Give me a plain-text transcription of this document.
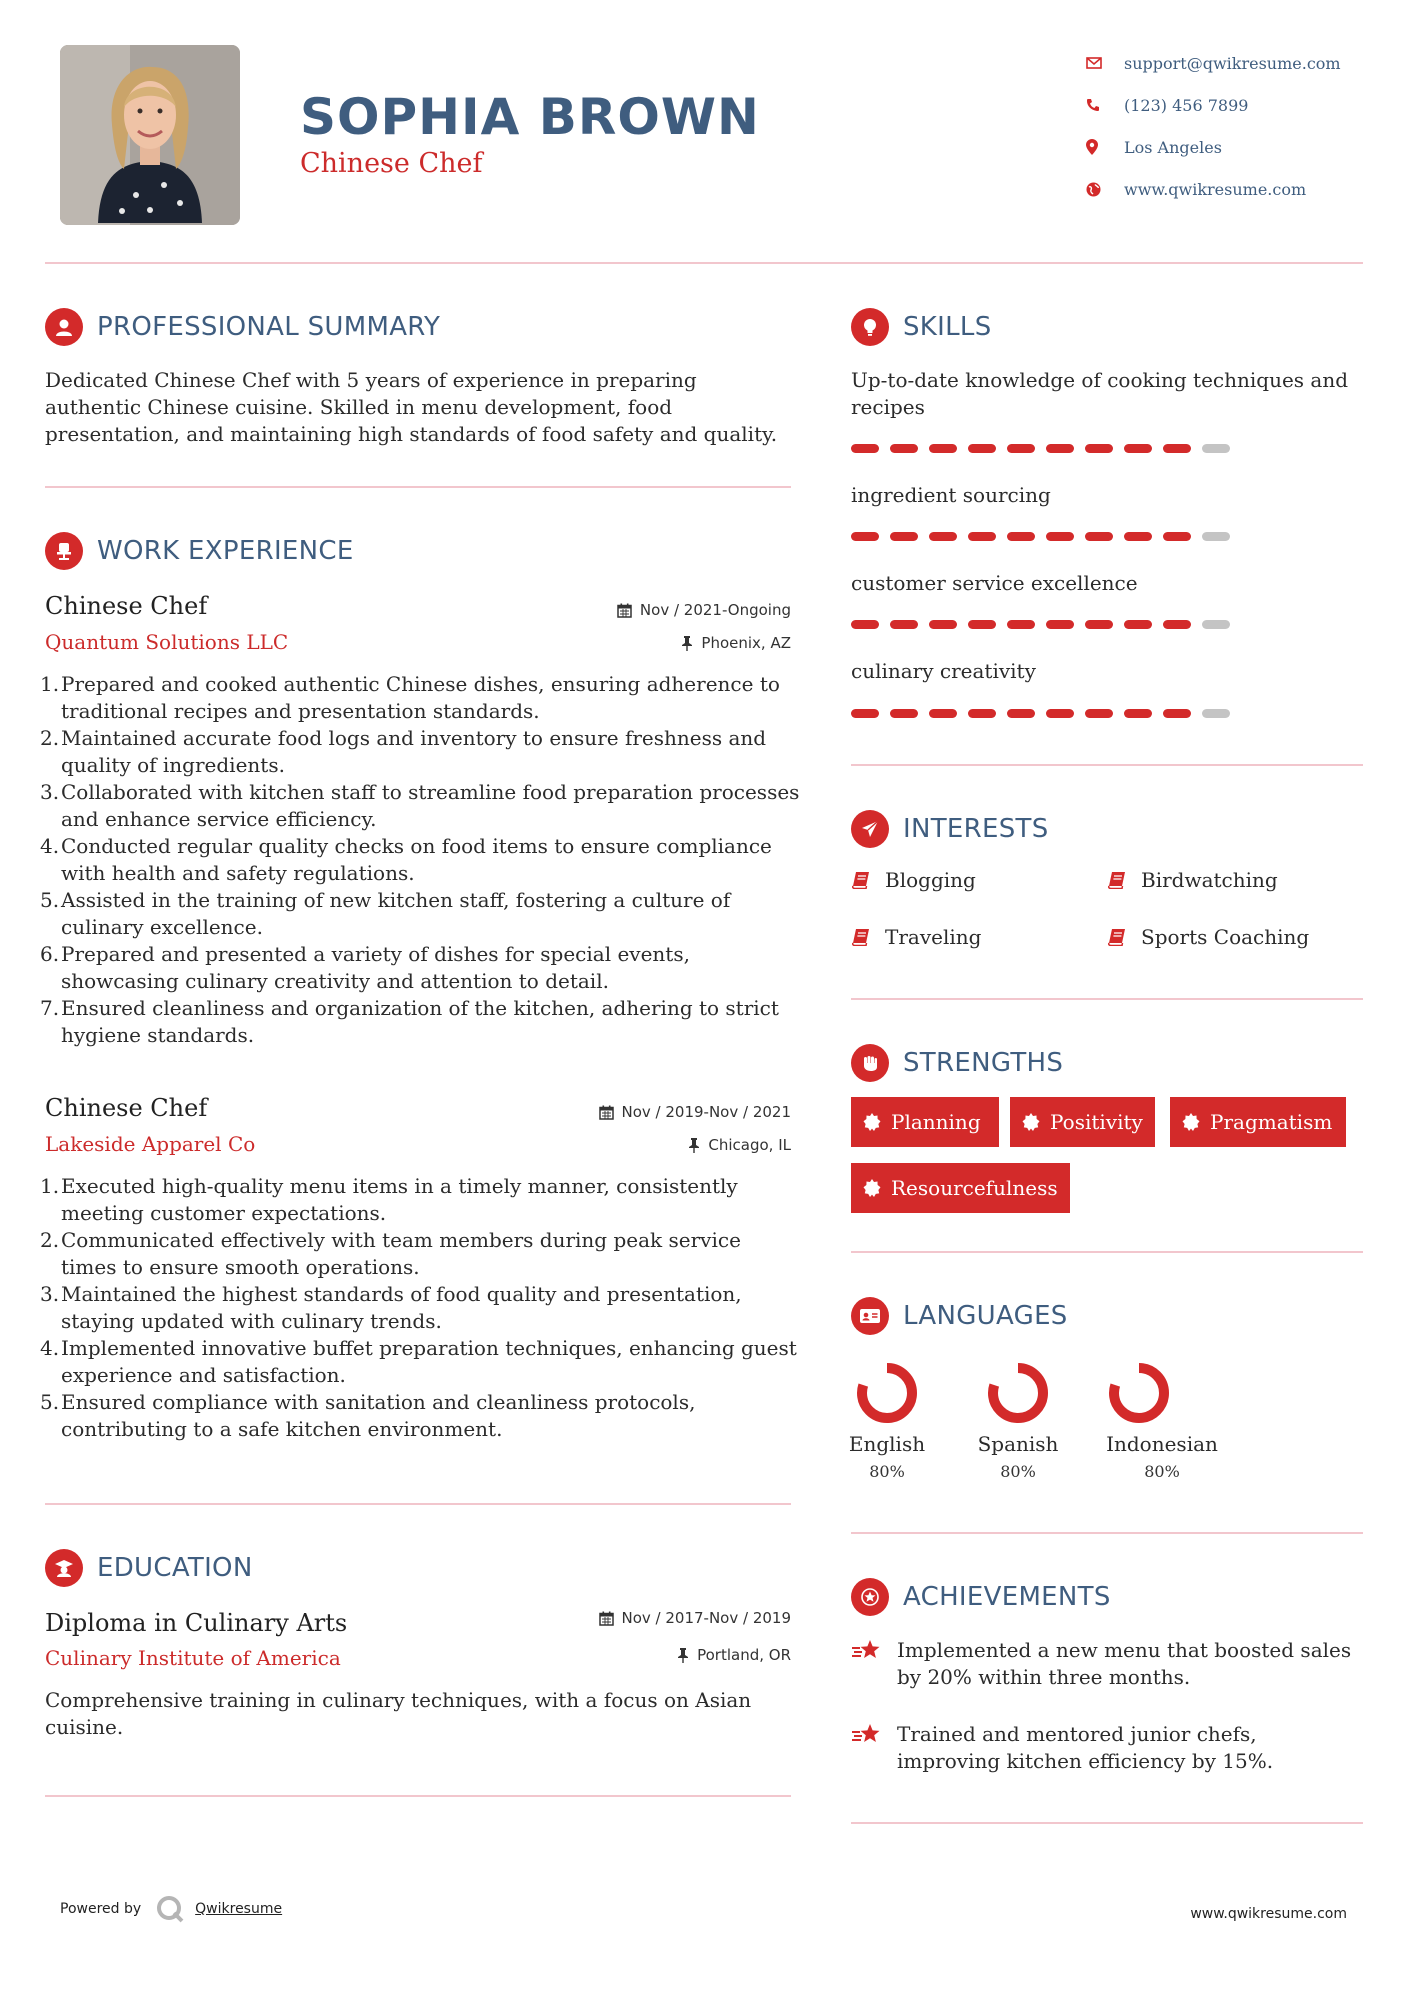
SOPHIA BROWN
Chinese Chef
support@qwikresume.com
(123) 456 7899
Los Angeles
www.qwikresume.com
PROFESSIONAL SUMMARY
Dedicated Chinese Chef with 5 years of experience in preparing authentic Chinese cuisine. Skilled in menu development, food presentation, and maintaining high standards of food safety and quality.
WORK EXPERIENCE
Chinese Chef	Nov / 2021-Ongoing
Quantum Solutions LLC	Phoenix, AZ
1. Prepared and cooked authentic Chinese dishes, ensuring adherence to traditional recipes and presentation standards.
2. Maintained accurate food logs and inventory to ensure freshness and quality of ingredients.
3. Collaborated with kitchen staff to streamline food preparation processes and enhance service efficiency.
4. Conducted regular quality checks on food items to ensure compliance with health and safety regulations.
5. Assisted in the training of new kitchen staff, fostering a culture of culinary excellence.
6. Prepared and presented a variety of dishes for special events, showcasing culinary creativity and attention to detail.
7. Ensured cleanliness and organization of the kitchen, adhering to strict hygiene standards.
Chinese Chef	Nov / 2019-Nov / 2021
Lakeside Apparel Co	Chicago, IL
1. Executed high-quality menu items in a timely manner, consistently meeting customer expectations.
2. Communicated effectively with team members during peak service times to ensure smooth operations.
3. Maintained the highest standards of food quality and presentation, staying updated with culinary trends.
4. Implemented innovative buffet preparation techniques, enhancing guest experience and satisfaction.
5. Ensured compliance with sanitation and cleanliness protocols, contributing to a safe kitchen environment.
EDUCATION
Diploma in Culinary Arts	Nov / 2017-Nov / 2019
Culinary Institute of America	Portland, OR
Comprehensive training in culinary techniques, with a focus on Asian cuisine.
SKILLS
Up-to-date knowledge of cooking techniques and recipes
ingredient sourcing
customer service excellence
culinary creativity
INTERESTS
Blogging	Birdwatching
Traveling	Sports Coaching
STRENGTHS
Planning	Positivity	Pragmatism
Resourcefulness
LANGUAGES
English
80%
Spanish
80%
Indonesian
80%
ACHIEVEMENTS
Implemented a new menu that boosted sales by 20% within three months.
Trained and mentored junior chefs, improving kitchen efficiency by 15%.
Powered by	Qwikresume	www.qwikresume.com
